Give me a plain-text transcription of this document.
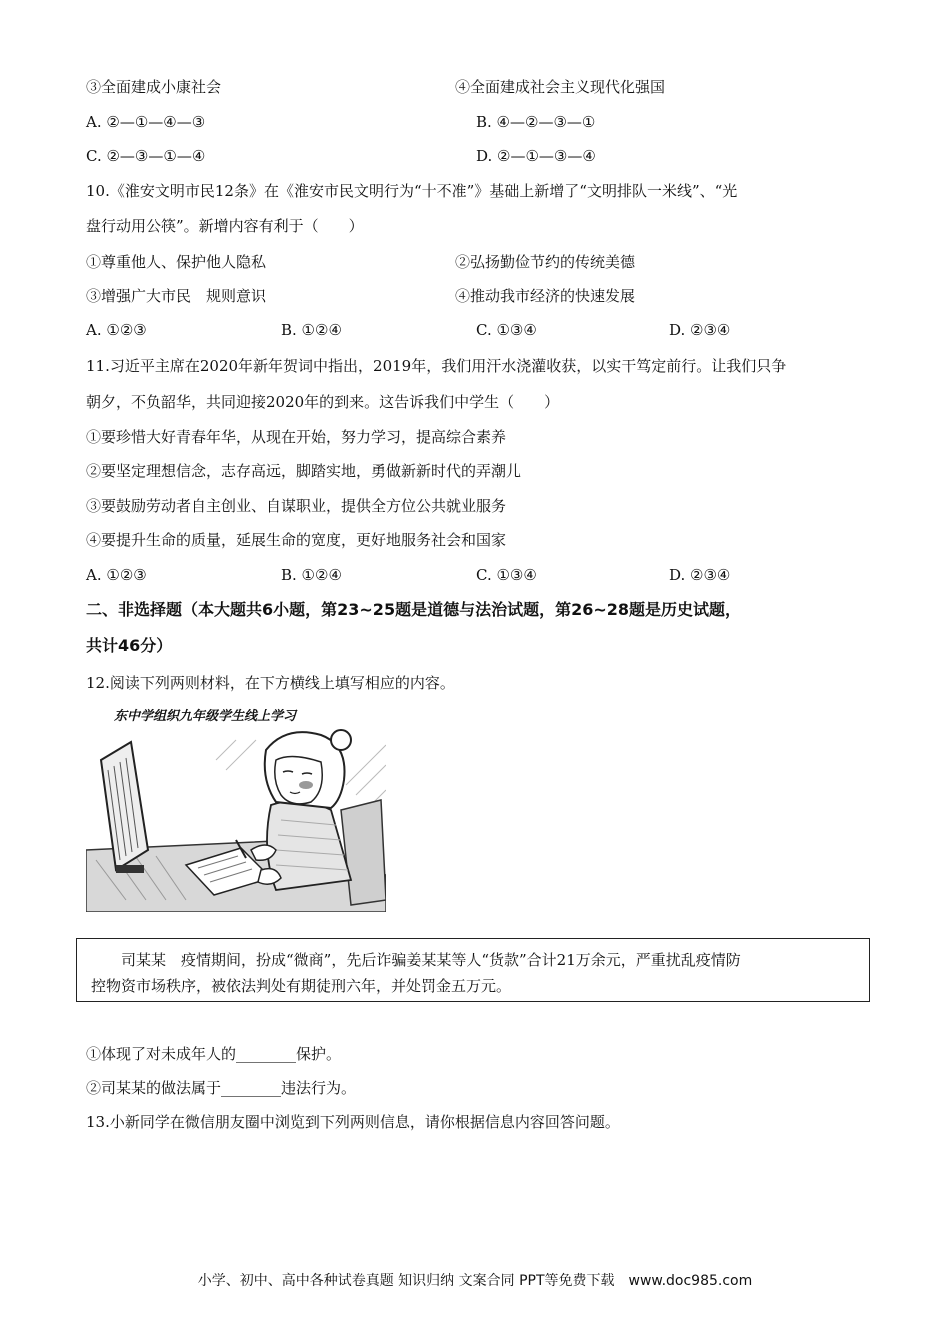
③全面建成小康社会	④全面建成社会主义现代化强国
A. ②—①—④—③	B. ④—②—③—①
C. ②—③—①—④	D. ②—①—③—④
10.《淮安文明市民12条》在《淮安市民文明行为“十不准”》基础上新增了“文明排队一米线”、“光
盘行动用公筷”。新增内容有利于（　　）
①尊重他人、保护他人隐私	②弘扬勤俭节约的传统美德
③增强广大市民　规则意识	④推动我市经济的快速发展
A. ①②③	B. ①②④	C. ①③④	D. ②③④
11.习近平主席在2020年新年贺词中指出，2019年，我们用汗水浇灌收获，以实干笃定前行。让我们只争
朝夕，不负韶华，共同迎接2020年的到来。这告诉我们中学生（　　）
①要珍惜大好青春年华，从现在开始，努力学习，提高综合素养
②要坚定理想信念，志存高远，脚踏实地，勇做新新时代的弄潮儿
③要鼓励劳动者自主创业、自谋职业，提供全方位公共就业服务
④要提升生命的质量，延展生命的宽度，更好地服务社会和国家
A. ①②③	B. ①②④	C. ①③④	D. ②③④
二、非选择题（本大题共6小题，第23~25题是道德与法治试题，第26~28题是历史试题，
共计46分）
12.阅读下列两则材料，在下方横线上填写相应的内容。
东中学组织九年级学生线上学习
司某某　疫情期间，扮成“微商”，先后诈骗姜某某等人“货款”合计21万余元，严重扰乱疫情防
控物资市场秩序，被依法判处有期徒刑六年，并处罚金五万元。
①体现了对未成年人的________保护。
②司某某的做法属于________违法行为。
13.小新同学在微信朋友圈中浏览到下列两则信息，请你根据信息内容回答问题。
小学、初中、高中各种试卷真题 知识归纳 文案合同 PPT等免费下载　www.doc985.com
